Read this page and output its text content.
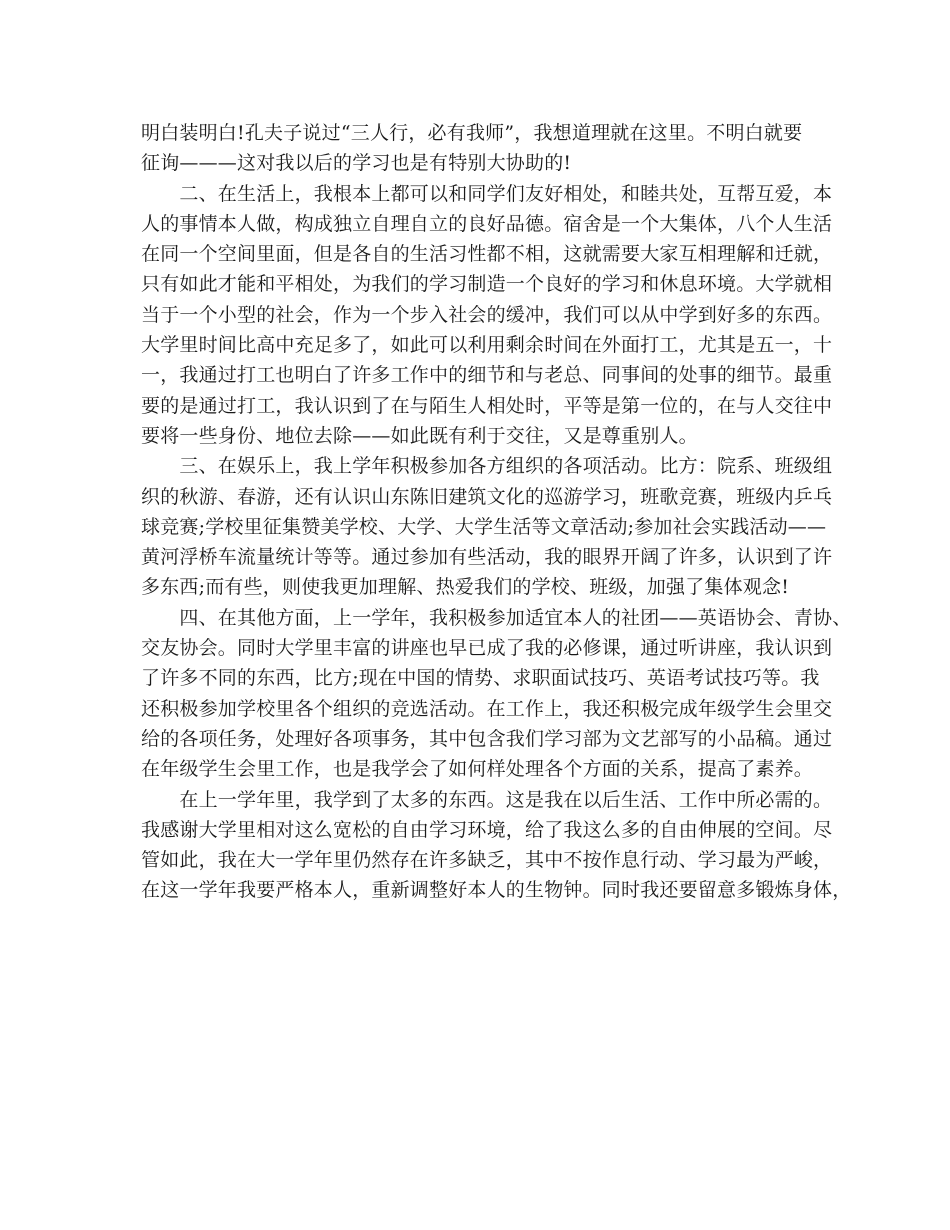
明白装明白!孔夫子说过“三人行，必有我师”，我想道理就在这里。不明白就要
征询———这对我以后的学习也是有特别大协助的!
　　二、在生活上，我根本上都可以和同学们友好相处，和睦共处，互帮互爱，本
人的事情本人做，构成独立自理自立的良好品德。宿舍是一个大集体，八个人生活
在同一个空间里面，但是各自的生活习性都不相，这就需要大家互相理解和迁就，
只有如此才能和平相处，为我们的学习制造一个良好的学习和休息环境。大学就相
当于一个小型的社会，作为一个步入社会的缓冲，我们可以从中学到好多的东西。
大学里时间比高中充足多了，如此可以利用剩余时间在外面打工，尤其是五一，十
一，我通过打工也明白了许多工作中的细节和与老总、同事间的处事的细节。最重
要的是通过打工，我认识到了在与陌生人相处时，平等是第一位的，在与人交往中
要将一些身份、地位去除——如此既有利于交往，又是尊重别人。
　　三、在娱乐上，我上学年积极参加各方组织的各项活动。比方：院系、班级组
织的秋游、春游，还有认识山东陈旧建筑文化的巡游学习，班歌竞赛，班级内乒乓
球竞赛;学校里征集赞美学校、大学、大学生活等文章活动;参加社会实践活动——
黄河浮桥车流量统计等等。通过参加有些活动，我的眼界开阔了许多，认识到了许
多东西;而有些，则使我更加理解、热爱我们的学校、班级，加强了集体观念!
　　四、在其他方面，上一学年，我积极参加适宜本人的社团——英语协会、青协、
交友协会。同时大学里丰富的讲座也早已成了我的必修课，通过听讲座，我认识到
了许多不同的东西，比方;现在中国的情势、求职面试技巧、英语考试技巧等。我
还积极参加学校里各个组织的竞选活动。在工作上，我还积极完成年级学生会里交
给的各项任务，处理好各项事务，其中包含我们学习部为文艺部写的小品稿。通过
在年级学生会里工作，也是我学会了如何样处理各个方面的关系，提高了素养。
　　在上一学年里，我学到了太多的东西。这是我在以后生活、工作中所必需的。
我感谢大学里相对这么宽松的自由学习环境，给了我这么多的自由伸展的空间。尽
管如此，我在大一学年里仍然存在许多缺乏，其中不按作息行动、学习最为严峻，
在这一学年我要严格本人，重新调整好本人的生物钟。同时我还要留意多锻炼身体，
